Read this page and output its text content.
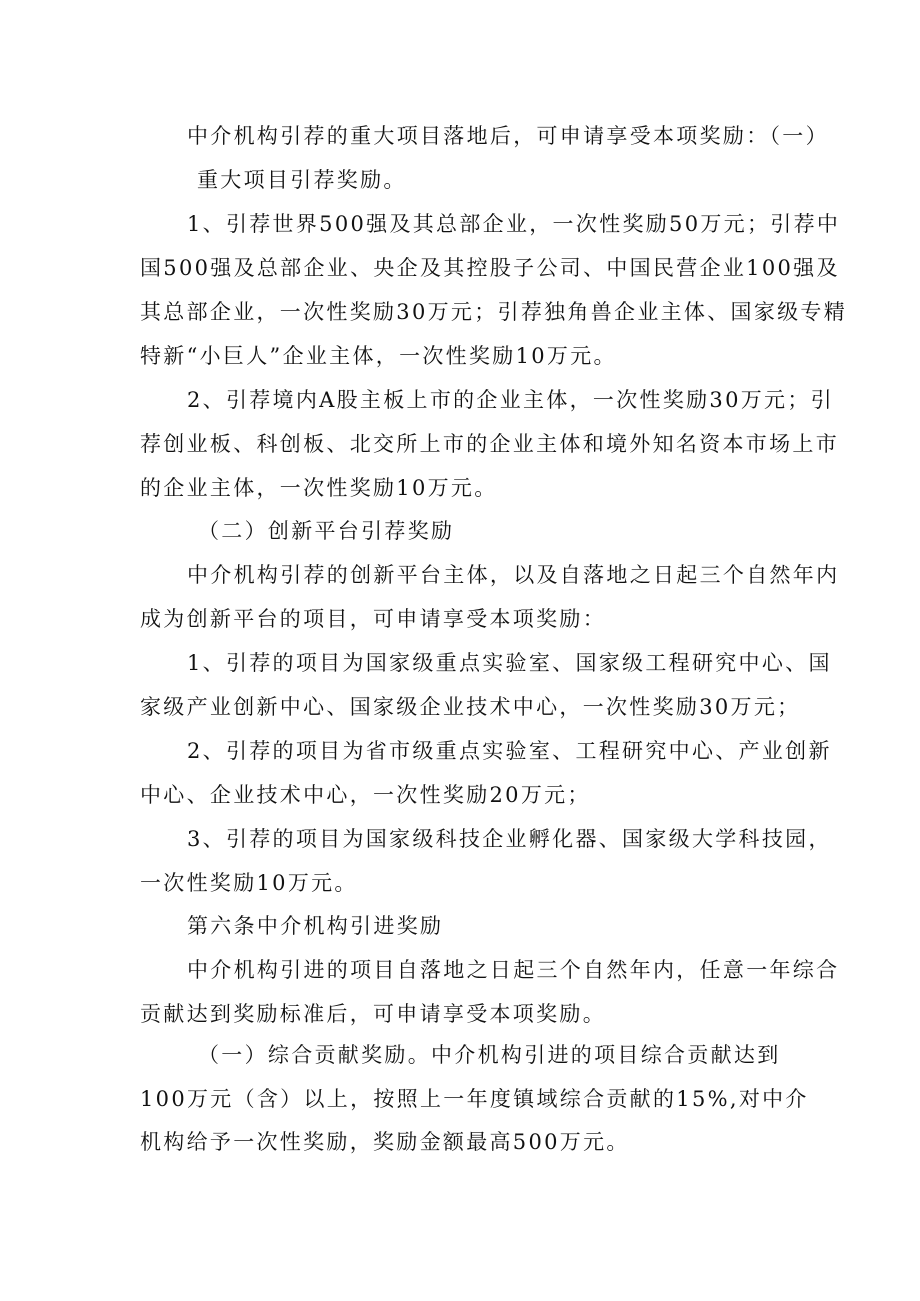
中介机构引荐的重大项目落地后，可申请享受本项奖励：（一）
重大项目引荐奖励。
1、引荐世界500强及其总部企业，一次性奖励50万元；引荐中
国500强及总部企业、央企及其控股子公司、中国民营企业100强及
其总部企业，一次性奖励30万元；引荐独角兽企业主体、国家级专精
特新“小巨人”企业主体，一次性奖励10万元。
2、引荐境内A股主板上市的企业主体，一次性奖励30万元；引
荐创业板、科创板、北交所上市的企业主体和境外知名资本市场上市
的企业主体，一次性奖励10万元。
（二）创新平台引荐奖励
中介机构引荐的创新平台主体，以及自落地之日起三个自然年内
成为创新平台的项目，可申请享受本项奖励：
1、引荐的项目为国家级重点实验室、国家级工程研究中心、国
家级产业创新中心、国家级企业技术中心，一次性奖励30万元；
2、引荐的项目为省市级重点实验室、工程研究中心、产业创新
中心、企业技术中心，一次性奖励20万元；
3、引荐的项目为国家级科技企业孵化器、国家级大学科技园，
一次性奖励10万元。
第六条中介机构引进奖励
中介机构引进的项目自落地之日起三个自然年内，任意一年综合
贡献达到奖励标准后，可申请享受本项奖励。
（一）综合贡献奖励。中介机构引进的项目综合贡献达到
100万元（含）以上，按照上一年度镇域综合贡献的15%,对中介
机构给予一次性奖励，奖励金额最高500万元。
